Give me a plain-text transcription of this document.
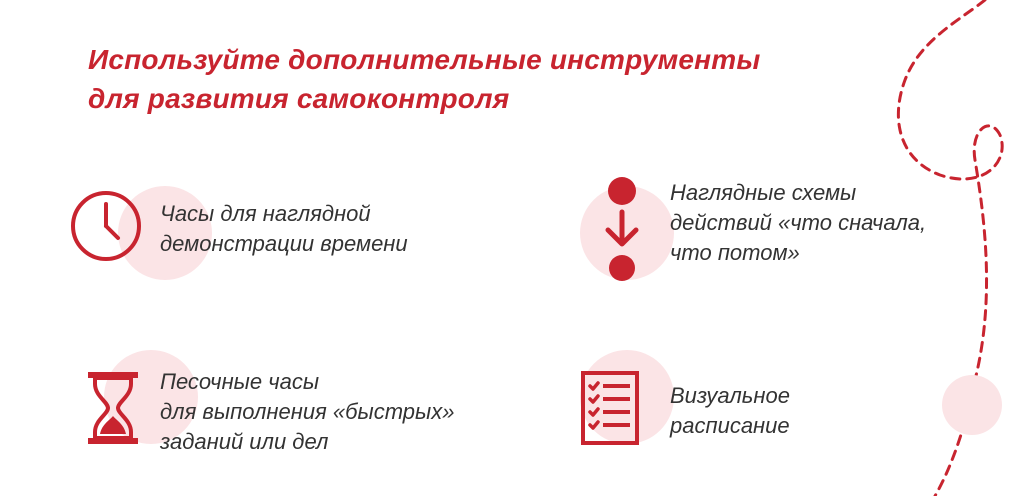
Используйте дополнительные инструменты
для развития самоконтроля
Часы для наглядной
демонстрации времени
Наглядные схемы
действий «что сначала,
что потом»
Песочные часы
для выполнения «быстрых»
заданий или дел
Визуальное
расписание
